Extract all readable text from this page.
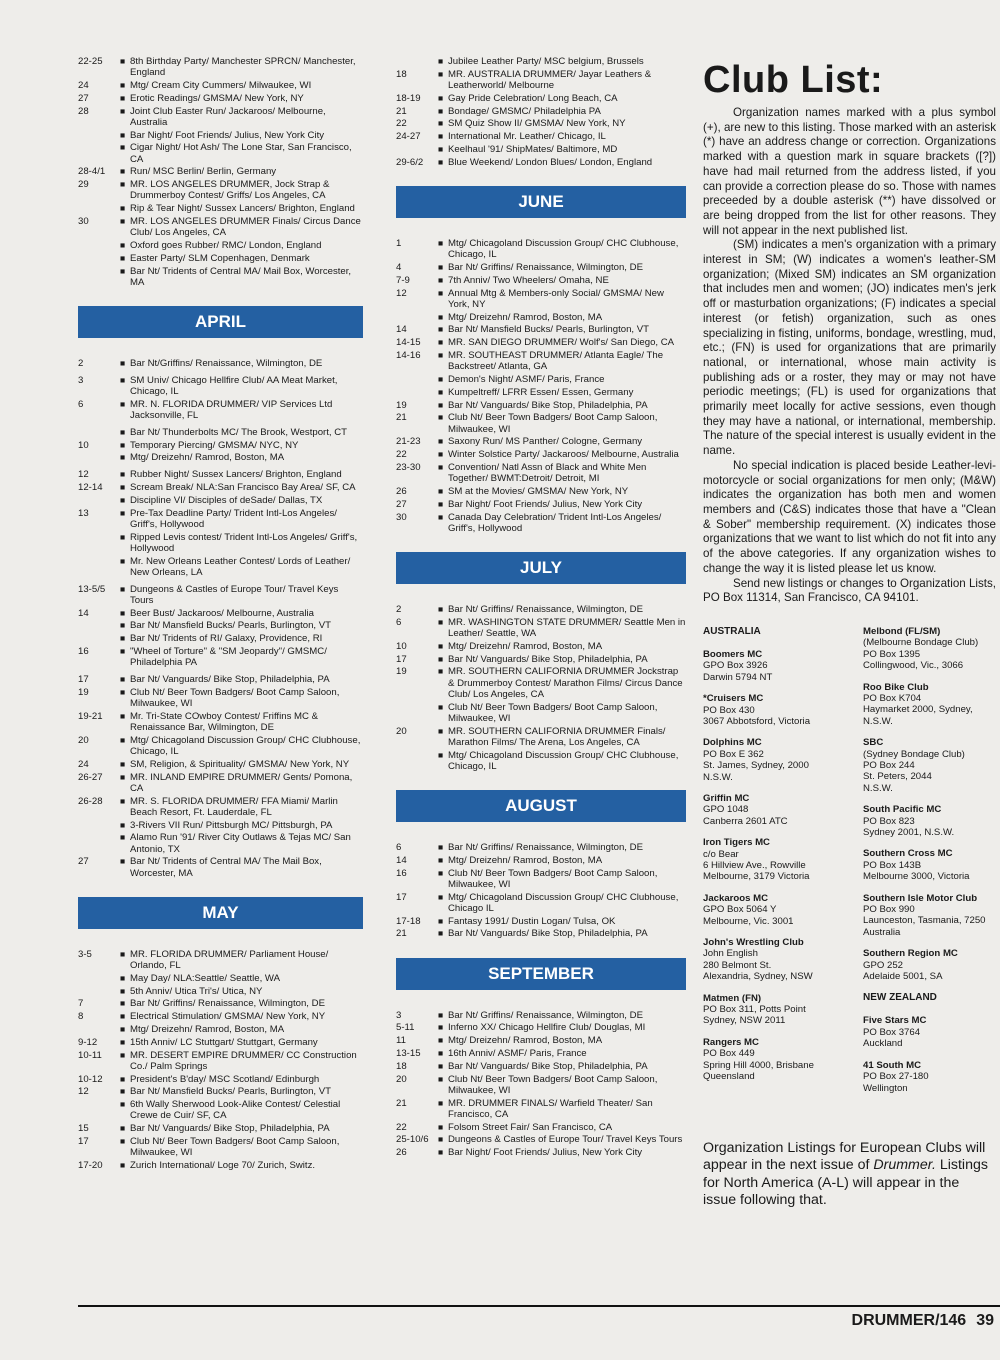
22-25	■ 8th Birthday Party/ Manchester SPRCN/ Manchester, England
24	■ Mtg/ Cream City Cummers/ Milwaukee, WI
27	■ Erotic Readings/ GMSMA/ New York, NY
28	■ Joint Club Easter Run/ Jackaroos/ Melbourne, Australia
■ Bar Night/ Foot Friends/ Julius, New York City
■ Cigar Night/ Hot Ash/ The Lone Star, San Francisco, CA
28-4/1	■ Run/ MSC Berlin/ Berlin, Germany
29	■ MR. LOS ANGELES DRUMMER, Jock Strap & Drummerboy Contest/ Griffs/ Los Angeles, CA
■ Rip & Tear Night/ Sussex Lancers/ Brighton, England
30	■ MR. LOS ANGELES DRUMMER Finals/ Circus Dance Club/ Los Angeles, CA
■ Oxford goes Rubber/ RMC/ London, England
■ Easter Party/ SLM Copenhagen, Denmark
■ Bar Nt/ Tridents of Central MA/ Mail Box, Worcester, MA
APRIL
2	■ Bar Nt/Griffins/ Renaissance, Wilmington, DE
3	■ SM Univ/ Chicago Hellfire Club/ AA Meat Market, Chicago, IL
6	■ MR. N. FLORIDA DRUMMER/ VIP Services Ltd Jacksonville, FL
■ Bar Nt/ Thunderbolts MC/ The Brook, Westport, CT
10	■ Temporary Piercing/ GMSMA/ NYC, NY
■ Mtg/ Dreizehn/ Ramrod, Boston, MA
12	■ Rubber Night/ Sussex Lancers/ Brighton, England
12-14	■ Scream Break/ NLA:San Francisco Bay Area/ SF, CA
■ Discipline VI/ Disciples of deSade/ Dallas, TX
13	■ Pre-Tax Deadline Party/ Trident Intl-Los Angeles/ Griff's, Hollywood
■ Ripped Levis contest/ Trident Intl-Los Angeles/ Griff's, Hollywood
■ Mr. New Orleans Leather Contest/ Lords of Leather/ New Orleans, LA
13-5/5	■ Dungeons & Castles of Europe Tour/ Travel Keys Tours
14	■ Beer Bust/ Jackaroos/ Melbourne, Australia
■ Bar Nt/ Mansfield Bucks/ Pearls, Burlington, VT
■ Bar Nt/ Tridents of RI/ Galaxy, Providence, RI
16	■ "Wheel of Torture" & "SM Jeopardy"/ GMSMC/ Philadelphia PA
17	■ Bar Nt/ Vanguards/ Bike Stop, Philadelphia, PA
19	■ Club Nt/ Beer Town Badgers/ Boot Camp Saloon, Milwaukee, WI
19-21	■ Mr. Tri-State COwboy Contest/ Friffins MC & Renaissance Bar, Wilmington, DE
20	■ Mtg/ Chicagoland Discussion Group/ CHC Clubhouse, Chicago, IL
24	■ SM, Religion, & Spirituality/ GMSMA/ New York, NY
26-27	■ MR. INLAND EMPIRE DRUMMER/ Gents/ Pomona, CA
26-28	■ MR. S. FLORIDA DRUMMER/ FFA Miami/ Marlin Beach Resort, Ft. Lauderdale, FL
■ 3-Rivers VII Run/ Pittsburgh MC/ Pittsburgh, PA
■ Alamo Run '91/ River City Outlaws & Tejas MC/ San Antonio, TX
27	■ Bar Nt/ Tridents of Central MA/ The Mail Box, Worcester, MA
MAY
3-5	■ MR. FLORIDA DRUMMER/ Parliament House/ Orlando, FL
■ May Day/ NLA:Seattle/ Seattle, WA
■ 5th Anniv/ Utica Tri's/ Utica, NY
7	■ Bar Nt/ Griffins/ Renaissance, Wilmington, DE
8	■ Electrical Stimulation/ GMSMA/ New York, NY
■ Mtg/ Dreizehn/ Ramrod, Boston, MA
9-12	■ 15th Anniv/ LC Stuttgart/ Stuttgart, Germany
10-11	■ MR. DESERT EMPIRE DRUMMER/ CC Construction Co./ Palm Springs
10-12	■ President's B'day/ MSC Scotland/ Edinburgh
12	■ Bar Nt/ Mansfield Bucks/ Pearls, Burlington, VT
■ 6th Wally Sherwood Look-Alike Contest/ Celestial Crewe de Cuir/ SF, CA
15	■ Bar Nt/ Vanguards/ Bike Stop, Philadelphia, PA
17	■ Club Nt/ Beer Town Badgers/ Boot Camp Saloon, Milwaukee, WI
17-20	■ Zurich International/ Loge 70/ Zurich, Switz.
■ Jubilee Leather Party/ MSC belgium, Brussels
18	■ MR. AUSTRALIA DRUMMER/ Jayar Leathers & Leatherworld/ Melbourne
18-19	■ Gay Pride Celebration/ Long Beach, CA
21	■ Bondage/ GMSMC/ Philadelphia PA
22	■ SM Quiz Show II/ GMSMA/ New York, NY
24-27	■ International Mr. Leather/ Chicago, IL
■ Keelhaul '91/ ShipMates/ Baltimore, MD
29-6/2	■ Blue Weekend/ London Blues/ London, England
JUNE
1	■ Mtg/ Chicagoland Discussion Group/ CHC Clubhouse, Chicago, IL
4	■ Bar Nt/ Griffins/ Renaissance, Wilmington, DE
7-9	■ 7th Anniv/ Two Wheelers/ Omaha, NE
12	■ Annual Mtg & Members-only Social/ GMSMA/ New York, NY
■ Mtg/ Dreizehn/ Ramrod, Boston, MA
14	■ Bar Nt/ Mansfield Bucks/ Pearls, Burlington, VT
14-15	■ MR. SAN DIEGO DRUMMER/ Wolf's/ San Diego, CA
14-16	■ MR. SOUTHEAST DRUMMER/ Atlanta Eagle/ The Backstreet/ Atlanta, GA
■ Demon's Night/ ASMF/ Paris, France
■ Kumpeltreff/ LFRR Essen/ Essen, Germany
19	■ Bar Nt/ Vanguards/ Bike Stop, Philadelphia, PA
21	■ Club Nt/ Beer Town Badgers/ Boot Camp Saloon, Milwaukee, WI
21-23	■ Saxony Run/ MS Panther/ Cologne, Germany
22	■ Winter Solstice Party/ Jackaroos/ Melbourne, Australia
23-30	■ Convention/ Natl Assn of Black and White Men Together/ BWMT:Detroit/ Detroit, MI
26	■ SM at the Movies/ GMSMA/ New York, NY
27	■ Bar Night/ Foot Friends/ Julius, New York City
30	■ Canada Day Celebration/ Trident Intl-Los Angeles/ Griff's, Hollywood
JULY
2	■ Bar Nt/ Griffins/ Renaissance, Wilmington, DE
6	■ MR. WASHINGTON STATE DRUMMER/ Seattle Men in Leather/ Seattle, WA
10	■ Mtg/ Dreizehn/ Ramrod, Boston, MA
17	■ Bar Nt/ Vanguards/ Bike Stop, Philadelphia, PA
19	■ MR. SOUTHERN CALIFORNIA DRUMMER Jockstrap & Drummerboy Contest/ Marathon Films/ Circus Dance Club/ Los Angeles, CA
■ Club Nt/ Beer Town Badgers/ Boot Camp Saloon, Milwaukee, WI
20	■ MR. SOUTHERN CALIFORNIA DRUMMER Finals/ Marathon Films/ The Arena, Los Angeles, CA
■ Mtg/ Chicagoland Discussion Group/ CHC Clubhouse, Chicago, IL
AUGUST
6	■ Bar Nt/ Griffins/ Renaissance, Wilmington, DE
14	■ Mtg/ Dreizehn/ Ramrod, Boston, MA
16	■ Club Nt/ Beer Town Badgers/ Boot Camp Saloon, Milwaukee, WI
17	■ Mtg/ Chicagoland Discussion Group/ CHC Clubhouse, Chicago IL
17-18	■ Fantasy 1991/ Dustin Logan/ Tulsa, OK
21	■ Bar Nt/ Vanguards/ Bike Stop, Philadelphia, PA
SEPTEMBER
3	■ Bar Nt/ Griffins/ Renaissance, Wilmington, DE
5-11	■ Inferno XX/ Chicago Hellfire Club/ Douglas, MI
11	■ Mtg/ Dreizehn/ Ramrod, Boston, MA
13-15	■ 16th Anniv/ ASMF/ Paris, France
18	■ Bar Nt/ Vanguards/ Bike Stop, Philadelphia, PA
20	■ Club Nt/ Beer Town Badgers/ Boot Camp Saloon, Milwaukee, WI
21	■ MR. DRUMMER FINALS/ Warfield Theater/ San Francisco, CA
22	■ Folsom Street Fair/ San Francisco, CA
25-10/6	■ Dungeons & Castles of Europe Tour/ Travel Keys Tours
26	■ Bar Night/ Foot Friends/ Julius, New York City
Club List:

Organization names marked with a plus symbol (+), are new to this listing. Those marked with an asterisk (*) have an address change or correction. Organizations marked with a question mark in square brackets ([?]) have had mail returned from the address listed, if you can provide a correction please do so. Those with names preceeded by a double asterisk (**) have dissolved or are being dropped from the list for other reasons. They will not appear in the next published list.

(SM) indicates a men's organization with a primary interest in SM; (W) indicates a women's leather-SM organization; (Mixed SM) indicates an SM organization that includes men and women; (JO) indicates men's jerk off or masturbation organizations; (F) indicates a special interest (or fetish) organization, such as ones specializing in fisting, uniforms, bondage, wrestling, mud, etc.; (FN) is used for organizations that are primarily national, or international, whose main activity is publishing ads or a roster, they may or may not have periodic meetings; (FL) is used for organizations that primarily meet locally for active sessions, even though they may have a national, or international, membership. The nature of the special interest is usually evident in the name.

No special indication is placed beside Leather-levi-motorcycle or social organizations for men only; (M&W) indicates the organization has both men and women members and (C&S) indicates those that have a "Clean & Sober" membership requirement. (X) indicates those organizations that we want to list which do not fit into any of the above categories. If any organization wishes to change the way it is listed please let us know.

Send new listings or changes to Organization Lists, PO Box 11314, San Francisco, CA 94101.

AUSTRALIA
Boomers MC
GPO Box 3926
Darwin 5794 NT
*Cruisers MC
PO Box 430
3067 Abbotsford, Victoria
Dolphins MC
PO Box E 362
St. James, Sydney, 2000
N.S.W.
Griffin MC
GPO 1048
Canberra 2601 ATC
Iron Tigers MC
c/o Bear
6 Hillview Ave., Rowville
Melbourne, 3179 Victoria
Jackaroos MC
GPO Box 5064 Y
Melbourne, Vic. 3001
John's Wrestling Club
John English
280 Belmont St.
Alexandria, Sydney, NSW
Matmen (FN)
PO Box 311, Potts Point
Sydney, NSW 2011
Rangers MC
PO Box 449
Spring Hill 4000, Brisbane
Queensland
Melbond (FL/SM)
(Melbourne Bondage Club)
PO Box 1395
Collingwood, Vic., 3066
Roo Bike Club
PO Box K704
Haymarket 2000, Sydney, N.S.W.
SBC
(Sydney Bondage Club)
PO Box 244
St. Peters, 2044
N.S.W.
South Pacific MC
PO Box 823
Sydney 2001, N.S.W.
Southern Cross MC
PO Box 143B
Melbourne 3000, Victoria
Southern Isle Motor Club
PO Box 990
Launceston, Tasmania, 7250 Australia
Southern Region MC
GPO 252
Adelaide 5001, SA
NEW ZEALAND
Five Stars MC
PO Box 3764
Auckland
41 South MC
PO Box 27-180
Wellington
Organization Listings for European Clubs will appear in the next issue of Drummer. Listings for North America (A-L) will appear in the issue following that.
DRUMMER/146 39
